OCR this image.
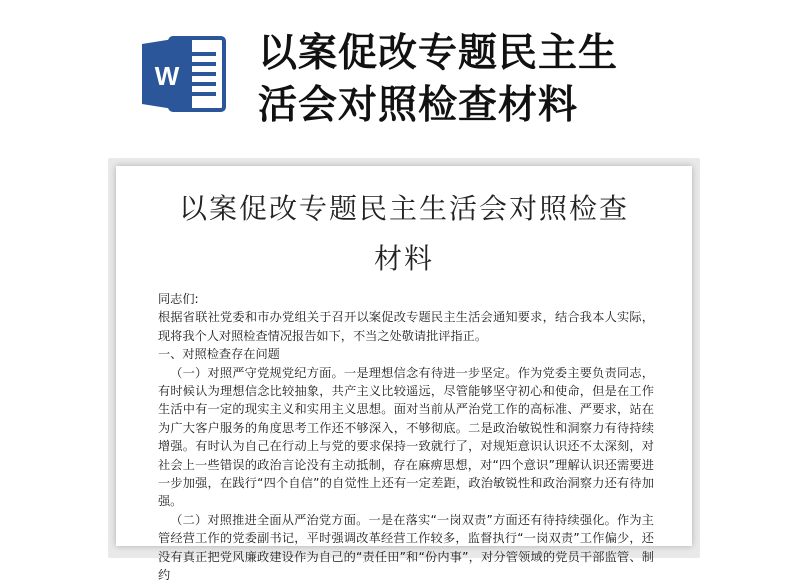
W 以案促改专题民主生
活会对照检查材料
以案促改专题民主生活会对照检查
材料

同志们:

根据省联社党委和市办党组关于召开以案促改专题民主生活会通知要求，结合我本人实际，现将我个人对照检查情况报告如下，不当之处敬请批评指正。

一、对照检查存在问题

（一）对照严守党规党纪方面。一是理想信念有待进一步坚定。作为党委主要负责同志，有时候认为理想信念比较抽象，共产主义比较遥远，尽管能够坚守初心和使命，但是在工作生活中有一定的现实主义和实用主义思想。面对当前从严治党工作的高标准、严要求，站在为广大客户服务的角度思考工作还不够深入，不够彻底。二是政治敏锐性和洞察力有待持续增强。有时认为自己在行动上与党的要求保持一致就行了，对规矩意识认识还不太深刻，对社会上一些错误的政治言论没有主动抵制，存在麻痹思想，对“四个意识”理解认识还需要进一步加强，在践行“四个自信”的自觉性上还有一定差距，政治敏锐性和政治洞察力还有待加强。

（二）对照推进全面从严治党方面。一是在落实“一岗双责”方面还有待持续强化。作为主管经营工作的党委副书记，平时强调改革经营工作较多，监督执行“一岗双责”工作偏少，还没有真正把党风廉政建设作为自己的“责任田”和“份内事”，对分管领域的党员干部监管、制约
